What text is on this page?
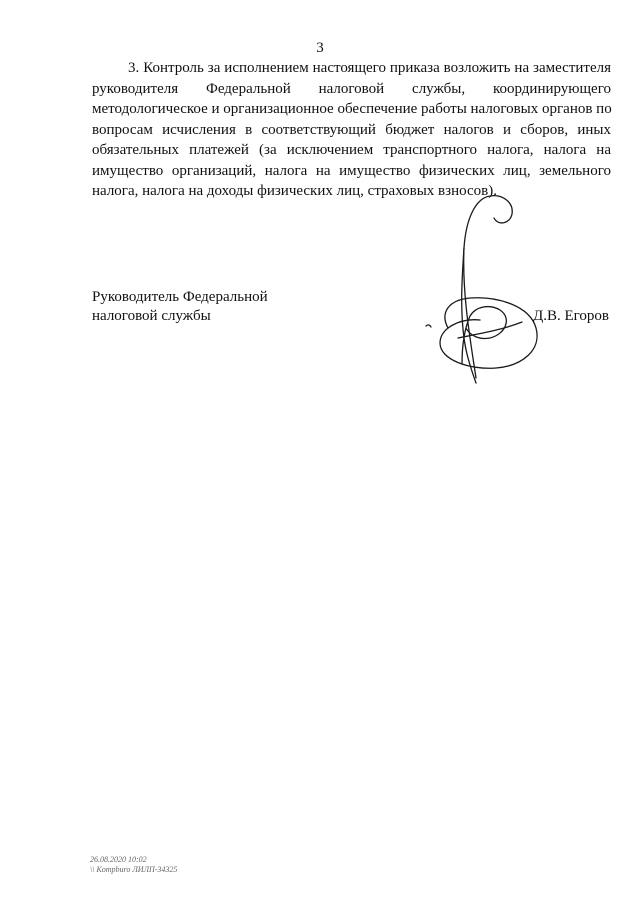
3
3. Контроль за исполнением настоящего приказа возложить на заместителя
руководителя Федеральной налоговой службы, координирующего
методологическое и организационное обеспечение работы налоговых органов по
вопросам исчисления в соответствующий бюджет налогов и сборов, иных
обязательных платежей (за исключением транспортного налога, налога на
имущество организаций, налога на имущество физических лиц, земельного
налога, налога на доходы физических лиц, страховых взносов).
Руководитель Федеральной
налоговой службы	Д.В. Егоров
26.08.2020 10:02
\\ Kompburo ЛИЛП-34325
